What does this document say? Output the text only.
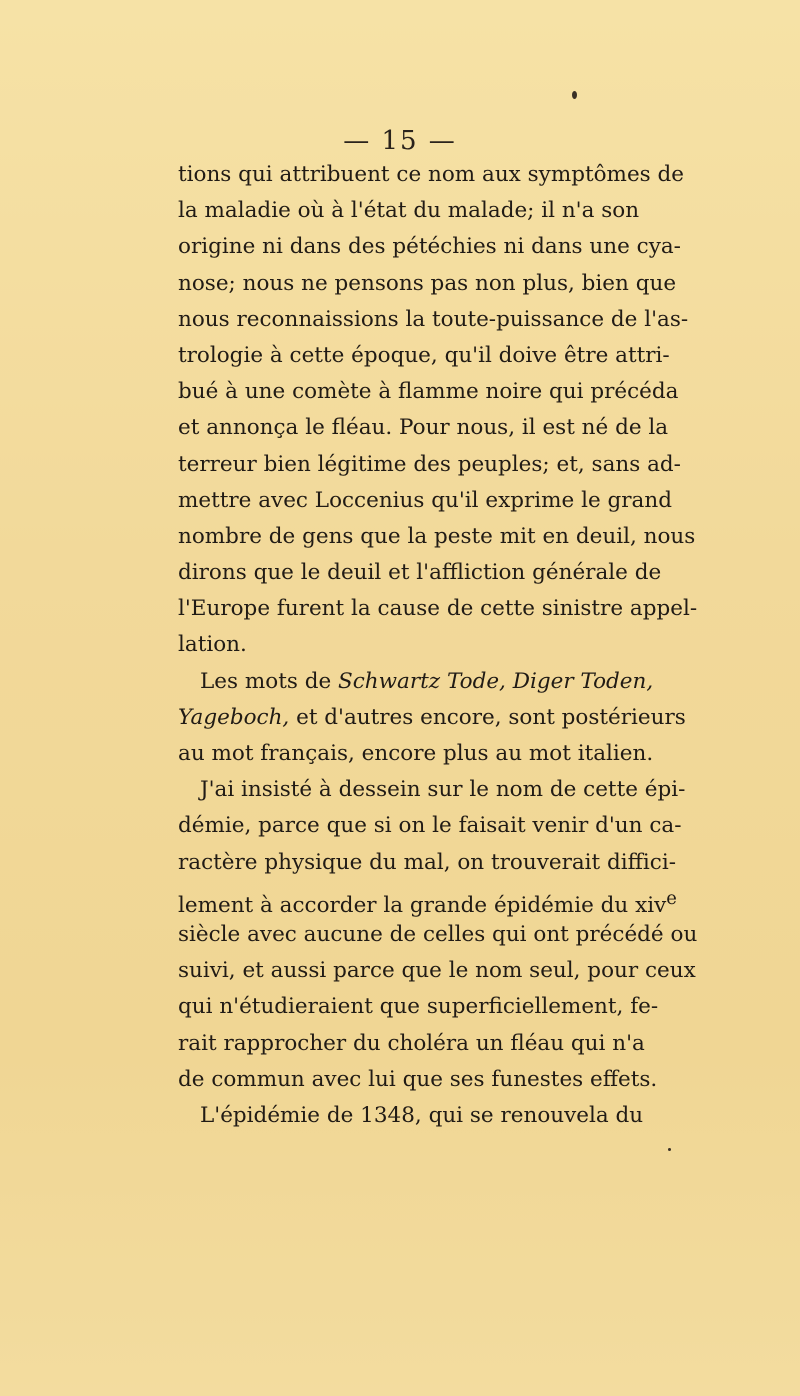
— 15 —
tions qui attribuent ce nom aux symptômes de
la maladie où à l'état du malade; il n'a son
origine ni dans des pétéchies ni dans une cya-
nose; nous ne pensons pas non plus, bien que
nous reconnaissions la toute-puissance de l'as-
trologie à cette époque, qu'il doive être attri-
bué à une comète à flamme noire qui précéda
et annonça le fléau. Pour nous, il est né de la
terreur bien légitime des peuples; et, sans ad-
mettre avec Loccenius qu'il exprime le grand
nombre de gens que la peste mit en deuil, nous
dirons que le deuil et l'affliction générale de
l'Europe furent la cause de cette sinistre appel-
lation.
Les mots de Schwartz Tode, Diger Toden,
Yageboch, et d'autres encore, sont postérieurs
au mot français, encore plus au mot italien.
J'ai insisté à dessein sur le nom de cette épi-
démie, parce que si on le faisait venir d'un ca-
ractère physique du mal, on trouverait diffici-
lement à accorder la grande épidémie du xiv$^e$
siècle avec aucune de celles qui ont précédé ou
suivi, et aussi parce que le nom seul, pour ceux
qui n'étudieraient que superficiellement, fe-
rait rapprocher du choléra un fléau qui n'a
de commun avec lui que ses funestes effets.
L'épidémie de 1348, qui se renouvela du
